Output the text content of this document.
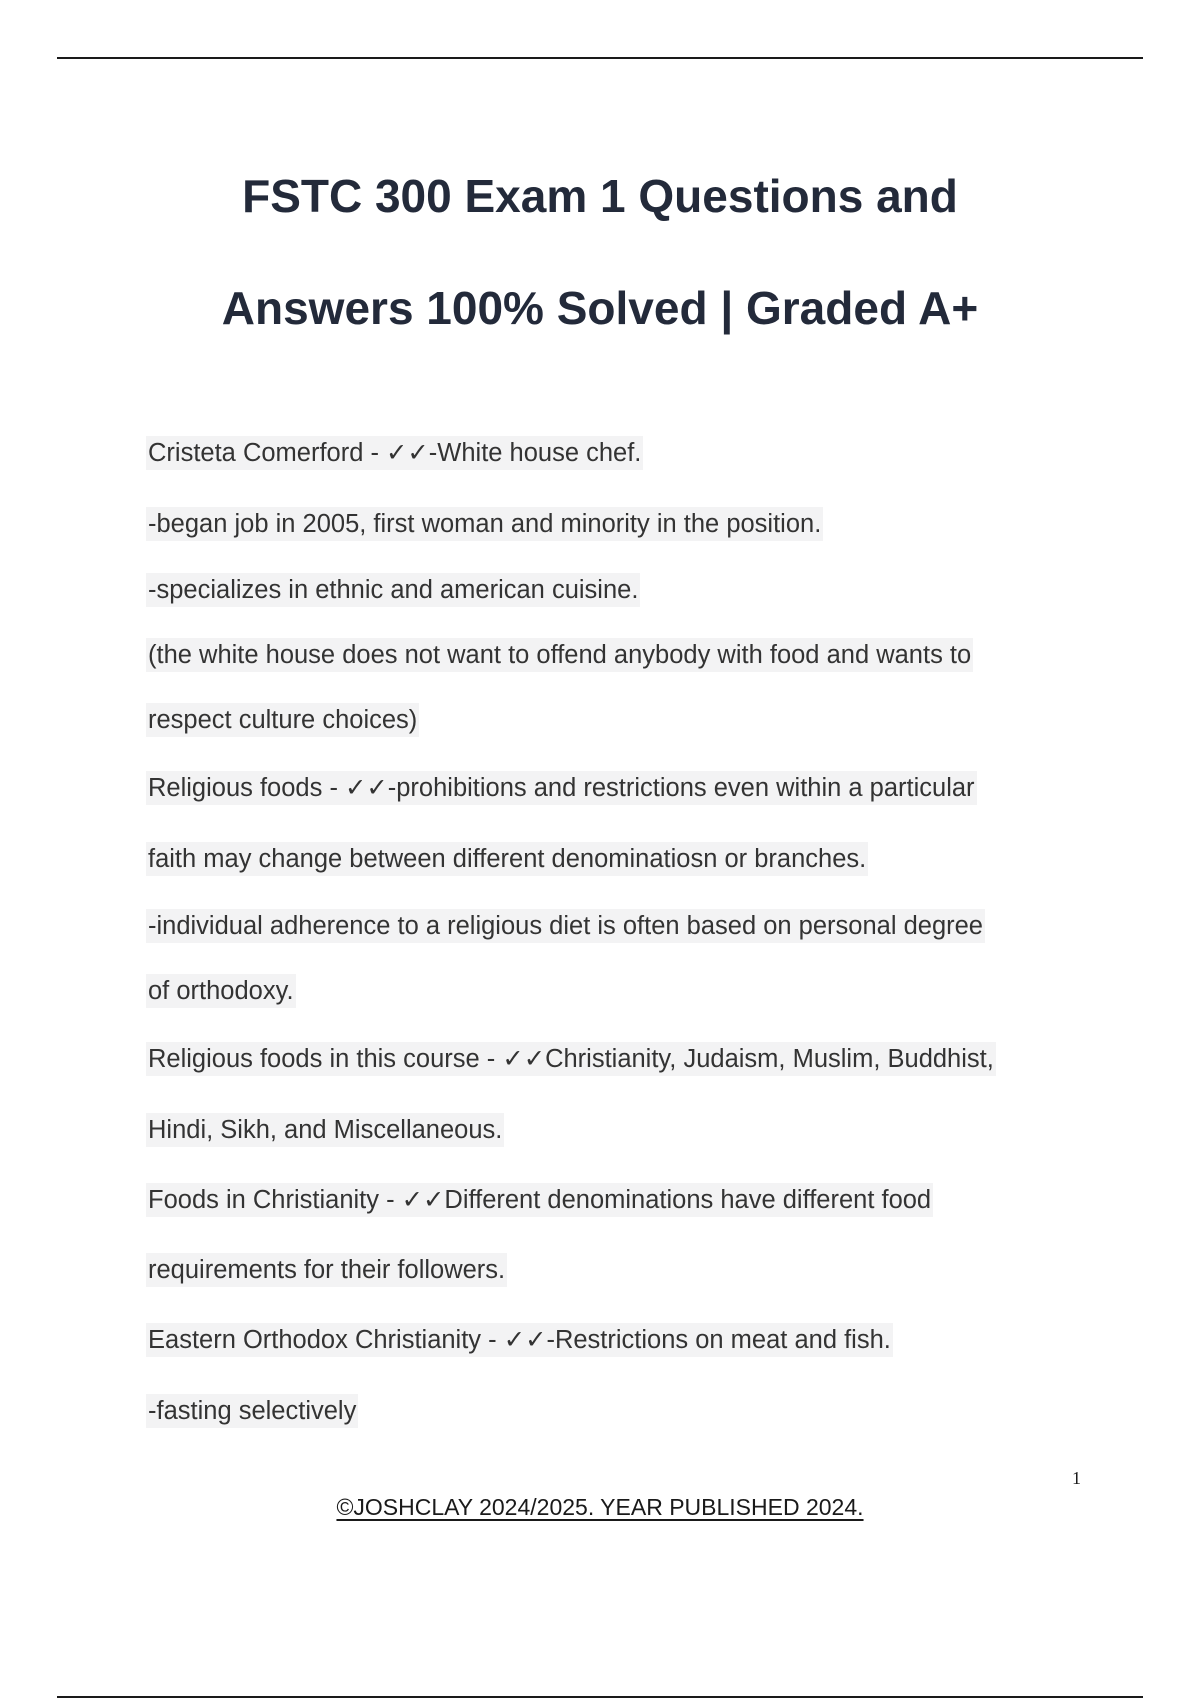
FSTC 300 Exam 1 Questions and
Answers 100% Solved | Graded A+
Cristeta Comerford - ✓✓-White house chef.
-began job in 2005, first woman and minority in the position.
-specializes in ethnic and american cuisine.
(the white house does not want to offend anybody with food and wants to
respect culture choices)
Religious foods - ✓✓-prohibitions and restrictions even within a particular
faith may change between different denominatiosn or branches.
-individual adherence to a religious diet is often based on personal degree
of orthodoxy.
Religious foods in this course - ✓✓Christianity, Judaism, Muslim, Buddhist,
Hindi, Sikh, and Miscellaneous.
Foods in Christianity - ✓✓Different denominations have different food
requirements for their followers.
Eastern Orthodox Christianity - ✓✓-Restrictions on meat and fish.
-fasting selectively
1
©JOSHCLAY 2024/2025. YEAR PUBLISHED 2024.
